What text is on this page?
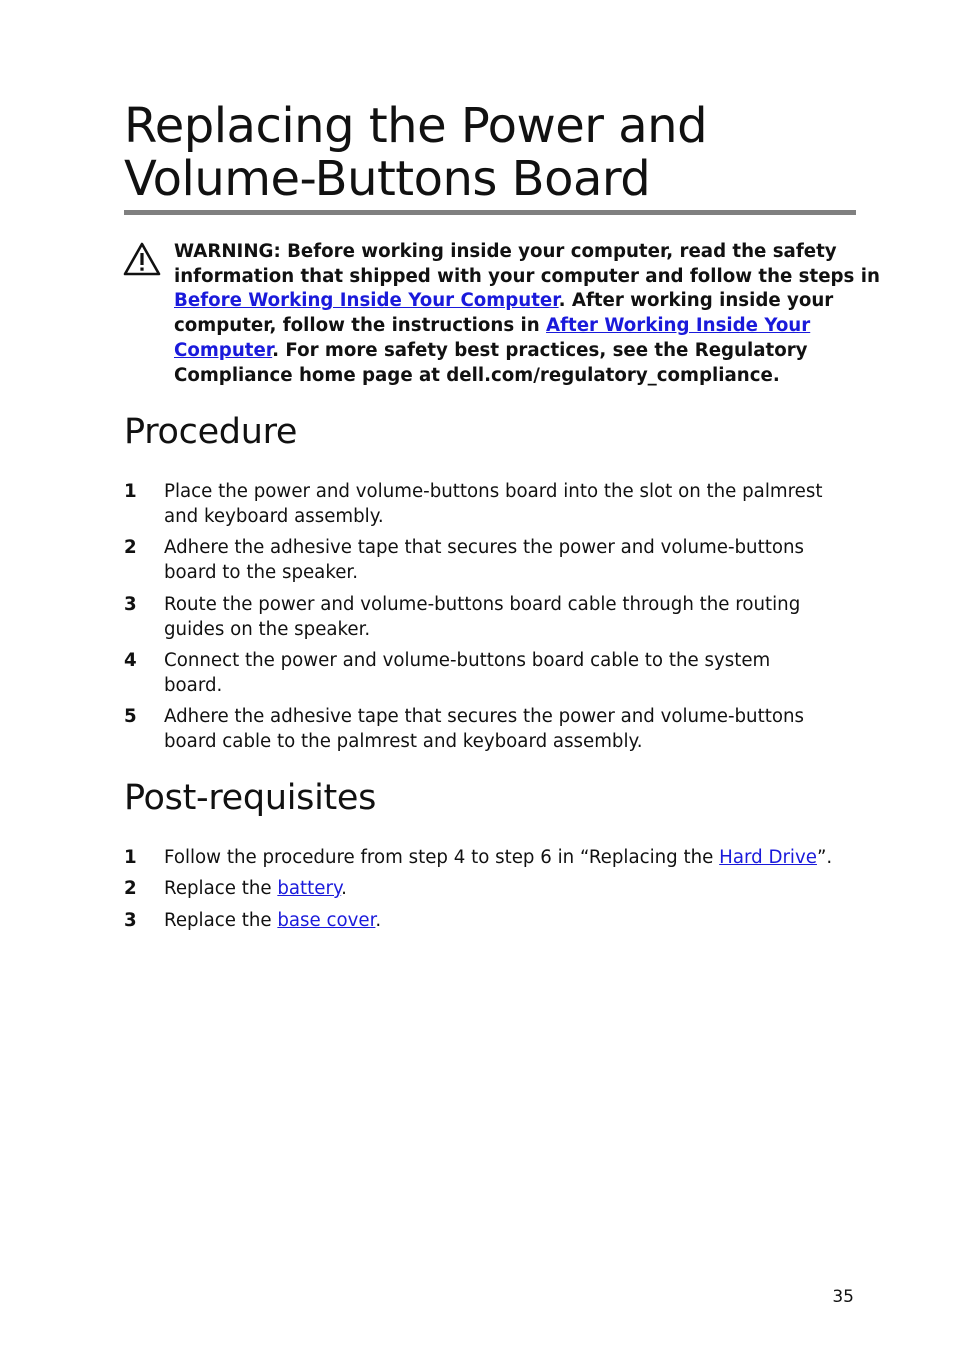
Replacing the Power and
Volume-Buttons Board
WARNING: Before working inside your computer, read the safety
information that shipped with your computer and follow the steps in
Before Working Inside Your Computer. After working inside your
computer, follow the instructions in After Working Inside Your
Computer. For more safety best practices, see the Regulatory
Compliance home page at dell.com/regulatory_compliance.
Procedure
1 Place the power and volume-buttons board into the slot on the palmrest
and keyboard assembly.
2 Adhere the adhesive tape that secures the power and volume-buttons
board to the speaker.
3 Route the power and volume-buttons board cable through the routing
guides on the speaker.
4 Connect the power and volume-buttons board cable to the system
board.
5 Adhere the adhesive tape that secures the power and volume-buttons
board cable to the palmrest and keyboard assembly.
Post-requisites
1 Follow the procedure from step 4 to step 6 in “Replacing the Hard Drive”.
2 Replace the battery.
3 Replace the base cover.
35
